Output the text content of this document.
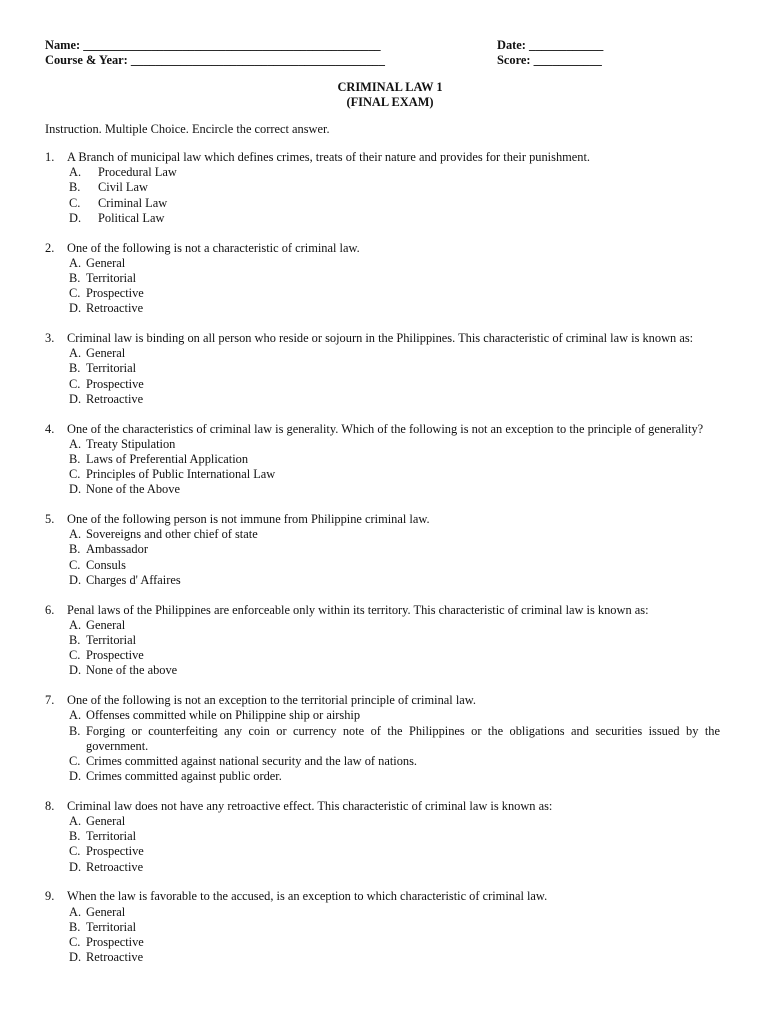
Name: ________________________________________________	Date: ____________
Course & Year: _________________________________________	Score: ___________
CRIMINAL LAW 1
(FINAL EXAM)
Instruction. Multiple Choice. Encircle the correct answer.
1.	A Branch of municipal law which defines crimes, treats of their nature and provides for their punishment.
A.	Procedural Law
B.	Civil Law
C.	Criminal Law
D.	Political Law
2.	One of the following is not a characteristic of criminal law.
A. General
B. Territorial
C. Prospective
D. Retroactive
3.	Criminal law is binding on all person who reside or sojourn in the Philippines. This characteristic of criminal law is known as:
A. General
B. Territorial
C. Prospective
D. Retroactive
4.	One of the characteristics of criminal law is generality. Which of the following is not an exception to the principle of generality?
A. Treaty Stipulation
B. Laws of Preferential Application
C. Principles of Public International Law
D. None of the Above
5.	One of the following person is not immune from Philippine criminal law.
A. Sovereigns and other chief of state
B. Ambassador
C. Consuls
D. Charges d' Affaires
6.	Penal laws of the Philippines are enforceable only within its territory. This characteristic of criminal law is known as:
A. General
B. Territorial
C. Prospective
D. None of the above
7.	One of the following is not an exception to the territorial principle of criminal law.
A. Offenses committed while on Philippine ship or airship
B. Forging or counterfeiting any coin or currency note of the Philippines or the obligations and securities issued by the government.
C. Crimes committed against national security and the law of nations.
D. Crimes committed against public order.
8.	Criminal law does not have any retroactive effect. This characteristic of criminal law is known as:
A. General
B. Territorial
C. Prospective
D. Retroactive
9.	When the law is favorable to the accused, is an exception to which characteristic of criminal law.
A. General
B. Territorial
C. Prospective
D. Retroactive
